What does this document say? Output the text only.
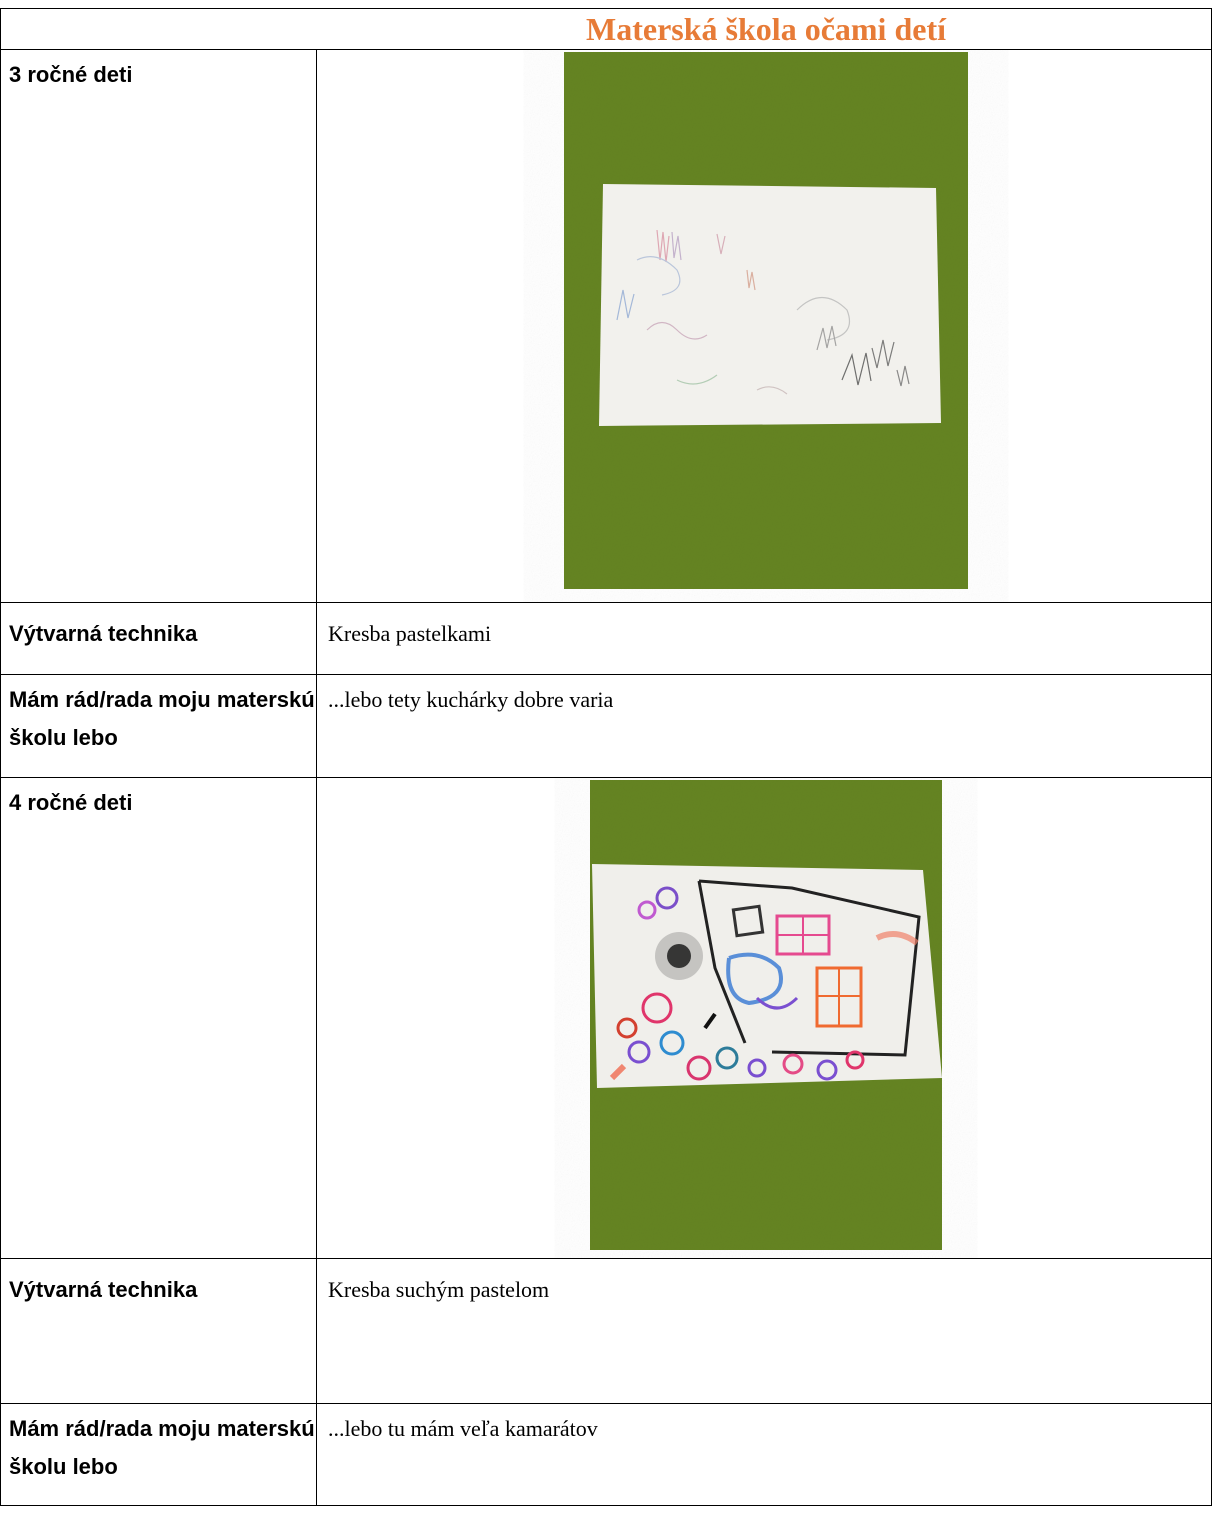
Materská škola očami detí	
3 ročné deti	

Výtvarná technika	Kresba pastelkami
Mám rád/rada moju materskú školu lebo	...lebo tety kuchárky dobre varia
4 ročné deti	

Výtvarná technika	Kresba suchým pastelom
Mám rád/rada moju materskú školu lebo	...lebo tu mám veľa kamarátov
